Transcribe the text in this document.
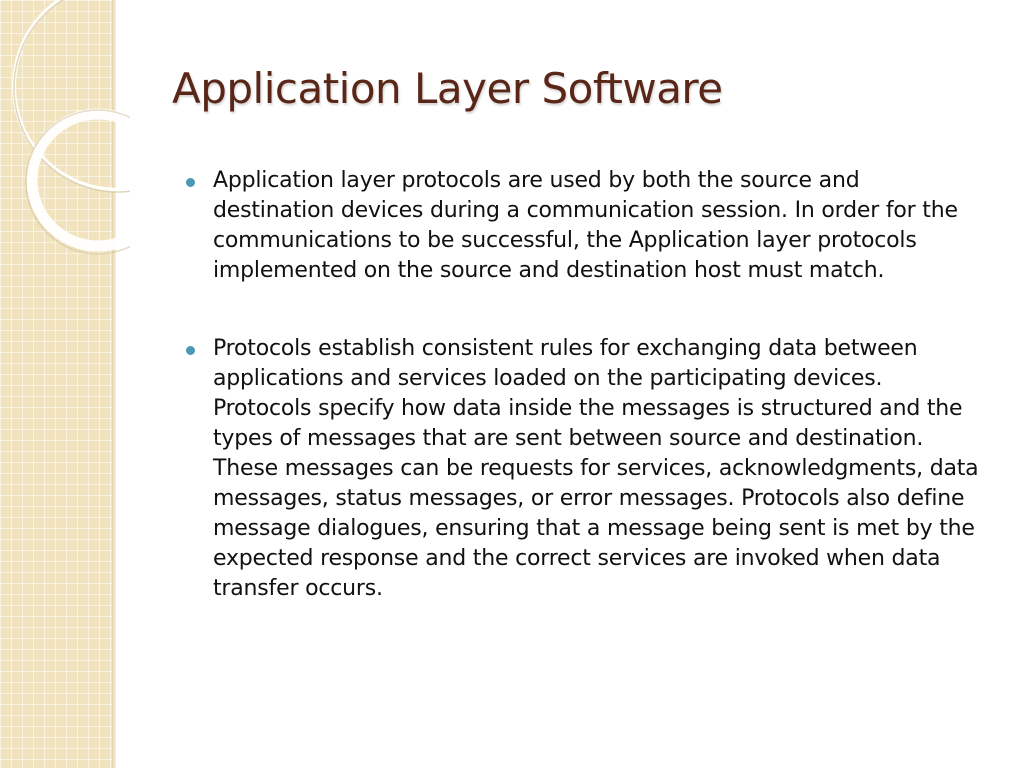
Application Layer Software
Application layer protocols are used by both the source and destination devices during a communication session. In order for the communications to be successful, the Application layer protocols implemented on the source and destination host must match.
Protocols establish consistent rules for exchanging data between applications and services loaded on the participating devices. Protocols specify how data inside the messages is structured and the types of messages that are sent between source and destination. These messages can be requests for services, acknowledgments, data messages, status messages, or error messages. Protocols also define message dialogues, ensuring that a message being sent is met by the expected response and the correct services are invoked when data transfer occurs.
